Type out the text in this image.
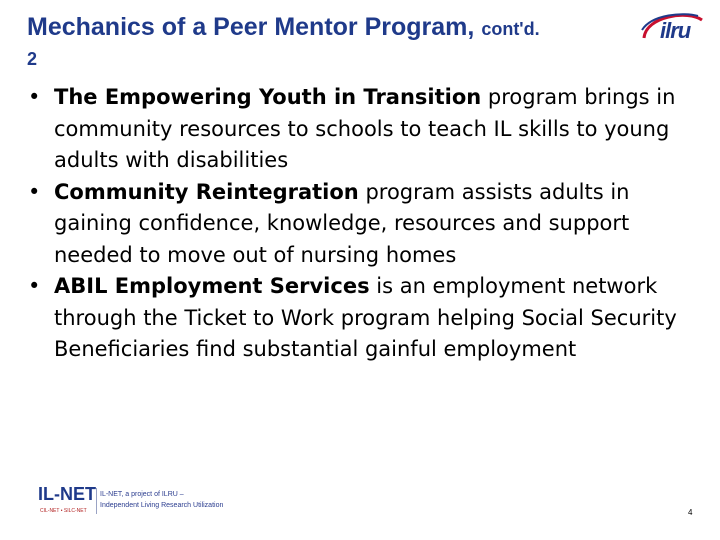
Mechanics of a Peer Mentor Program, cont'd.
2
ilru
• The Empowering Youth in Transition program brings in community resources to schools to teach IL skills to young adults with disabilities
• Community Reintegration program assists adults in gaining confidence, knowledge, resources and support needed to move out of nursing homes
• ABIL Employment Services is an employment network through the Ticket to Work program helping Social Security Beneficiaries find substantial gainful employment
IL-NET
CIL-NET • SILC-NET
IL-NET, a project of ILRU –
Independent Living Research Utilization
4
